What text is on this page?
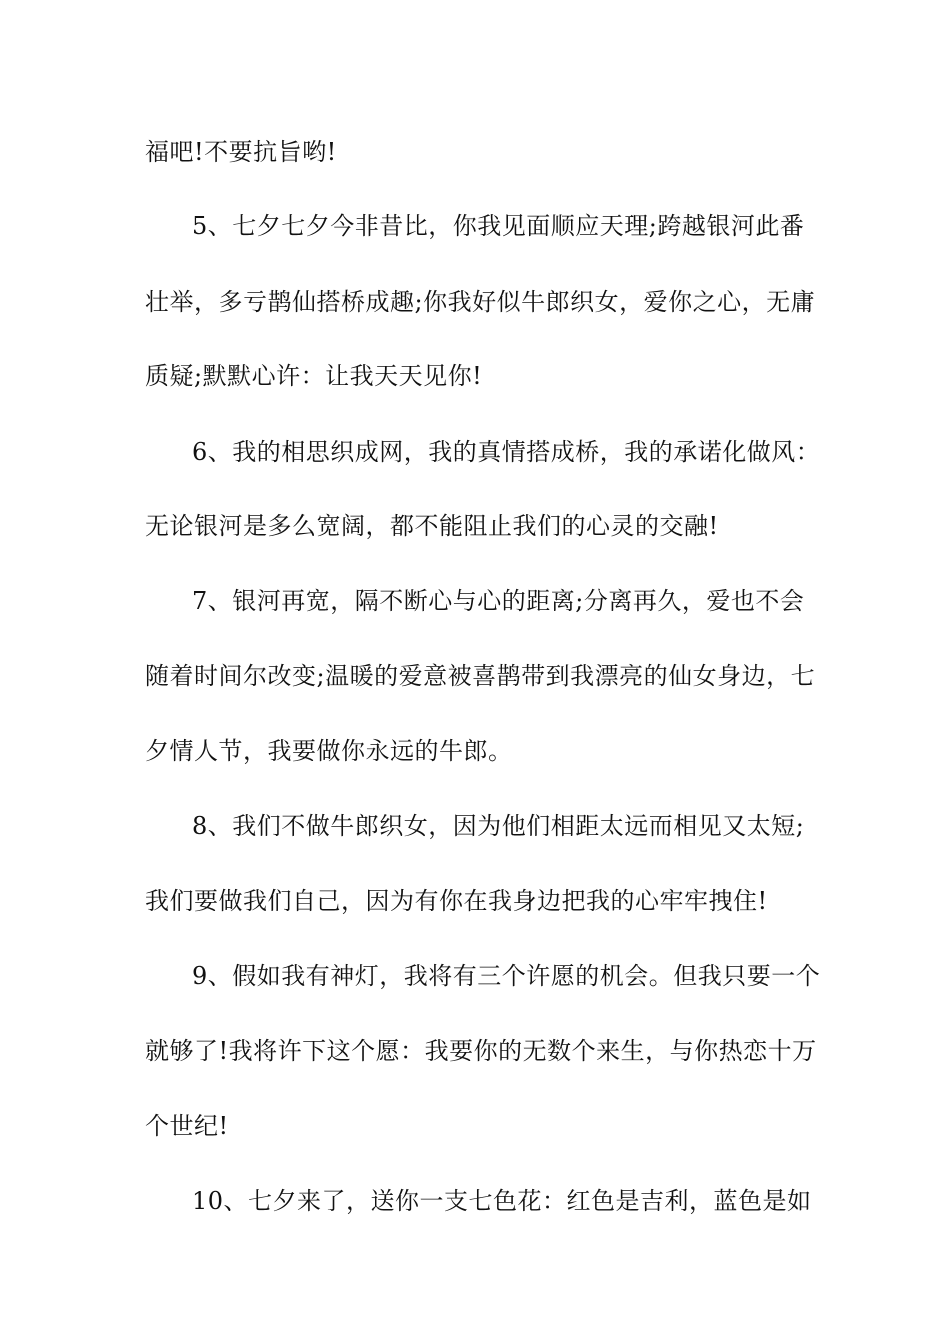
福吧!不要抗旨哟!
5、七夕七夕今非昔比，你我见面顺应天理;跨越银河此番
壮举，多亏鹊仙搭桥成趣;你我好似牛郎织女，爱你之心，无庸
质疑;默默心许：让我天天见你!
6、我的相思织成网，我的真情搭成桥，我的承诺化做风：
无论银河是多么宽阔，都不能阻止我们的心灵的交融!
7、银河再宽，隔不断心与心的距离;分离再久，爱也不会
随着时间尔改变;温暖的爱意被喜鹊带到我漂亮的仙女身边，七
夕情人节，我要做你永远的牛郎。
8、我们不做牛郎织女，因为他们相距太远而相见又太短;
我们要做我们自己，因为有你在我身边把我的心牢牢拽住!
9、假如我有神灯，我将有三个许愿的机会。但我只要一个
就够了!我将许下这个愿：我要你的无数个来生，与你热恋十万
个世纪!
10、七夕来了，送你一支七色花：红色是吉利，蓝色是如
